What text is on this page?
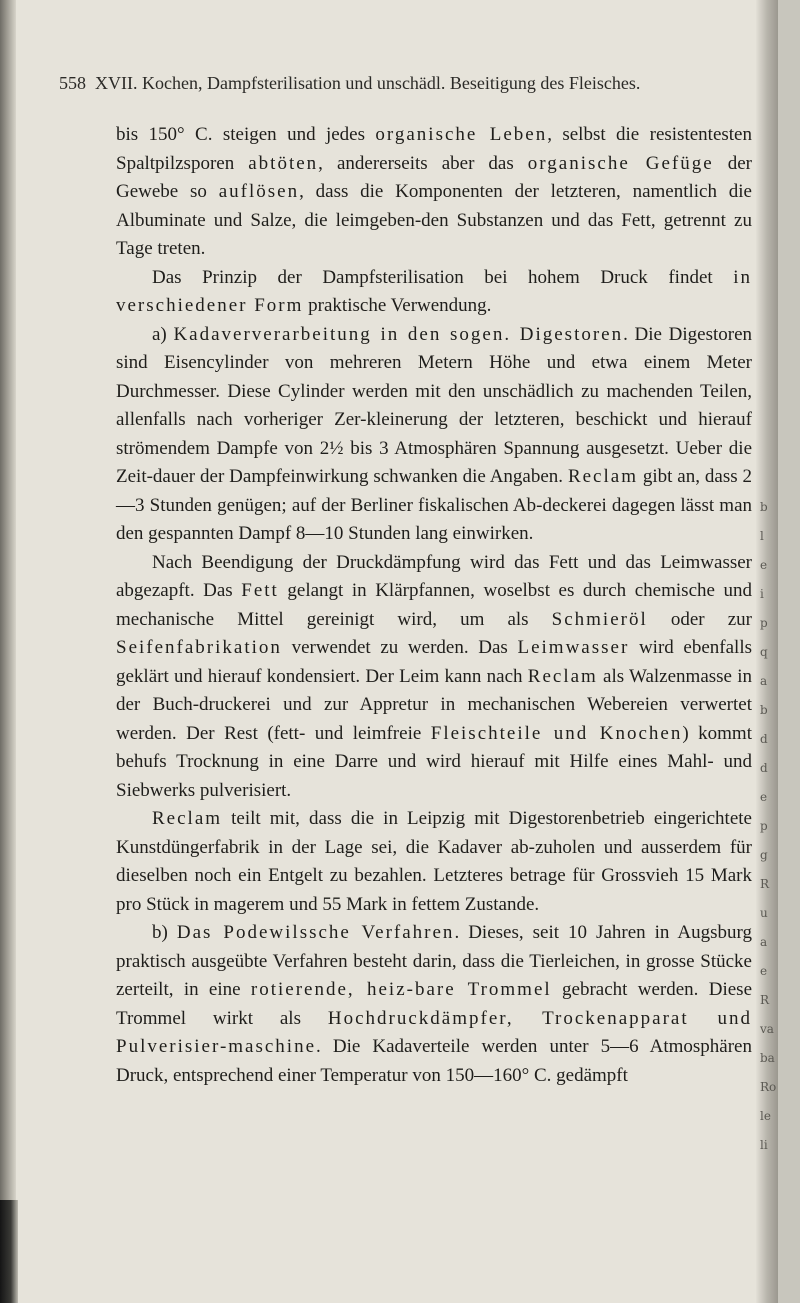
b
l
e
i
p
q
a
b
d
d
e
p
g
R
u
a
e
R
va
ba
Ro
le
li
558 XVII. Kochen, Dampfsterilisation und unschädl. Beseitigung des Fleisches.

bis 150° C. steigen und jedes organische Leben, selbst die resistentesten Spaltpilzsporen abtöten, andererseits aber das organische Gefüge der Gewebe so auflösen, dass die Komponenten der letzteren, namentlich die Albuminate und Salze, die leimgeben-den Substanzen und das Fett, getrennt zu Tage treten.

Das Prinzip der Dampfsterilisation bei hohem Druck findet in verschiedener Form praktische Verwendung.

a) Kadaververarbeitung in den sogen. Digestoren. Die Digestoren sind Eisencylinder von mehreren Metern Höhe und etwa einem Meter Durchmesser. Diese Cylinder werden mit den unschädlich zu machenden Teilen, allenfalls nach vorheriger Zer-kleinerung der letzteren, beschickt und hierauf strömendem Dampfe von 2½ bis 3 Atmosphären Spannung ausgesetzt. Ueber die Zeit-dauer der Dampfeinwirkung schwanken die Angaben. Reclam gibt an, dass 2—3 Stunden genügen; auf der Berliner fiskalischen Ab-deckerei dagegen lässt man den gespannten Dampf 8—10 Stunden lang einwirken.

Nach Beendigung der Druckdämpfung wird das Fett und das Leimwasser abgezapft. Das Fett gelangt in Klärpfannen, woselbst es durch chemische und mechanische Mittel gereinigt wird, um als Schmieröl oder zur Seifenfabrikation verwendet zu werden. Das Leimwasser wird ebenfalls geklärt und hierauf kondensiert. Der Leim kann nach Reclam als Walzenmasse in der Buch-druckerei und zur Appretur in mechanischen Webereien verwertet werden. Der Rest (fett- und leimfreie Fleischteile und Knochen) kommt behufs Trocknung in eine Darre und wird hierauf mit Hilfe eines Mahl- und Siebwerks pulverisiert.

Reclam teilt mit, dass die in Leipzig mit Digestorenbetrieb eingerichtete Kunstdüngerfabrik in der Lage sei, die Kadaver ab-zuholen und ausserdem für dieselben noch ein Entgelt zu bezahlen. Letzteres betrage für Grossvieh 15 Mark pro Stück in magerem und 55 Mark in fettem Zustande.

b) Das Podewilssche Verfahren. Dieses, seit 10 Jahren in Augsburg praktisch ausgeübte Verfahren besteht darin, dass die Tierleichen, in grosse Stücke zerteilt, in eine rotierende, heiz-bare Trommel gebracht werden. Diese Trommel wirkt als Hochdruckdämpfer, Trockenapparat und Pulverisier-maschine. Die Kadaverteile werden unter 5—6 Atmosphären Druck, entsprechend einer Temperatur von 150—160° C. gedämpft
